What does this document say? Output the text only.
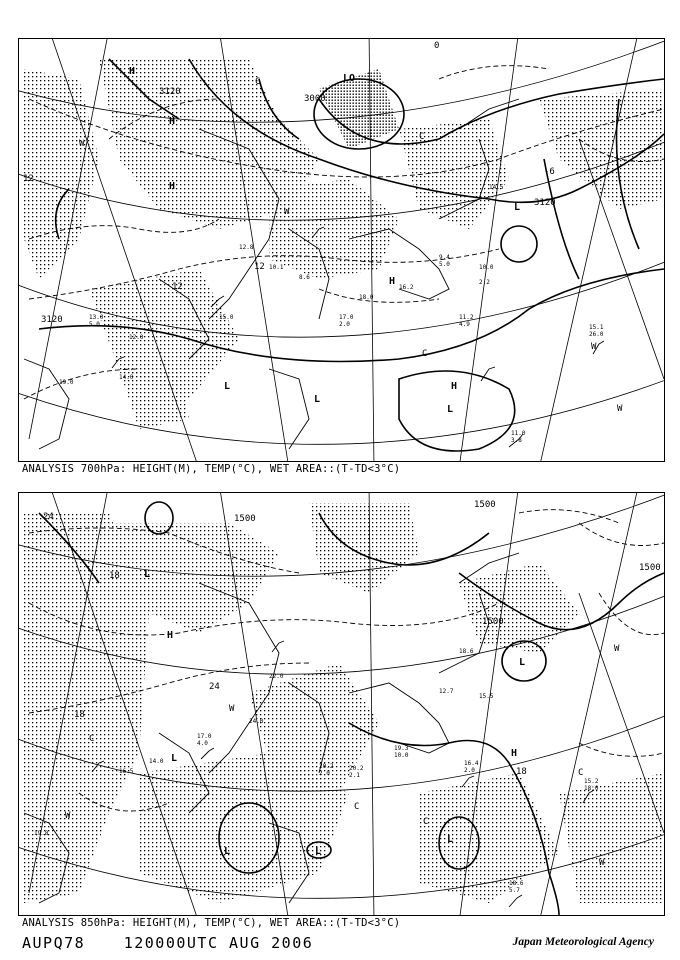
11.2
4.9	15.1
26.0
11.0
3.8
13.0
5.0
9.4
5.0
17.0
2.0
12.8
10.1
8.6
15.0
18.0
16.2
10.0
2.2
12.0
14.0
19.0
14.5
3000
3120
3120
3120
12
12
12
-6
0
H
H
H
H
H
L
L
L
L
LO
W
W
W
W
C
C
C
ANALYSIS 700hPa: HEIGHT(M), TEMP(°C), WET AREA::(T-TD<3°C)
15.2
18.0
18.6
5.7
16.4
2.0
20.2
2.1
17.0
4.0
19.3
10.0
20.2
2.0
19.8
18.6
15.5
22.0
24.0
12.7
16.5
14.0
1500
1500
1500
1500
24
18
18
18
24
H
H
L
L	L
L
L
L
W
W
W
W
C
C
C
C
ANALYSIS 850hPa: HEIGHT(M), TEMP(°C), WET AREA::(T-TD<3°C)
AUPQ78	120000UTC AUG 2006	Japan Meteorological Agency
